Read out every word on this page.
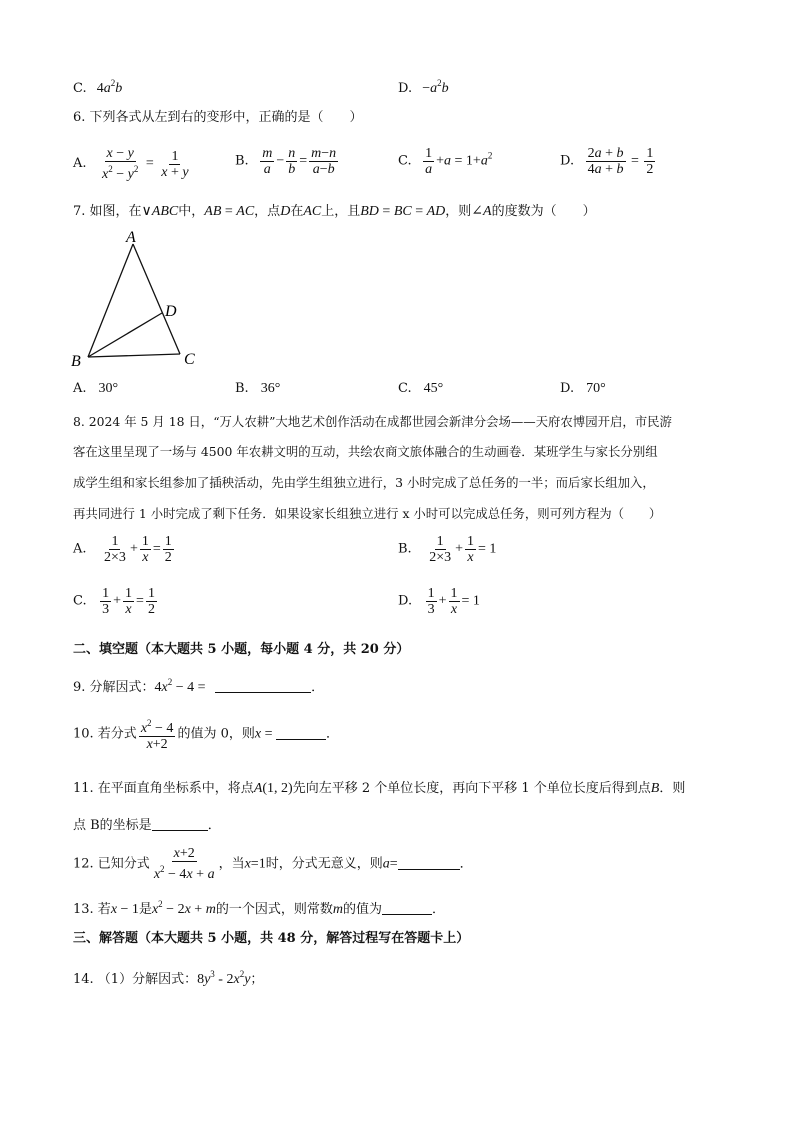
C. $4a^2b$	D. $-a^2b$
6. 下列各式从左到右的变形中，正确的是（　　）
A. $\frac{x - y}{x^2 - y^2} = \frac{1}{x + y}$	B. $\frac{m}{a} - \frac{n}{b} = \frac{m-n}{a-b}$	C. $\frac{1}{a} +a = 1+a^2$	D. $\frac{2a + b}{4a + b} = \frac{1}{2}$
7. 如图，在∨ABC中，AB = AC，点D在AC上，且BD = BC = AD，则∠A的度数为（　　）
A
B	C
D
A. 30°	B. 36°	C. 45°	D. 70°
8. 2024 年 5 月 18 日，“万人农耕”大地艺术创作活动在成都世园会新津分会场——天府农博园开启，市民游
客在这里呈现了一场与 4500 年农耕文明的互动，共绘农商文旅体融合的生动画卷．某班学生与家长分别组
成学生组和家长组参加了插秧活动，先由学生组独立进行，3 小时完成了总任务的一半；而后家长组加入，
再共同进行 1 小时完成了剩下任务．如果设家长组独立进行 x 小时可以完成总任务，则可列方程为（　　）
A. $\frac{1}{2\times 3} + \frac{1}{x} = \frac{1}{2}$	B. $\frac{1}{2\times 3} + \frac{1}{x} = 1$
C. $\frac{1}{3} + \frac{1}{x} = \frac{1}{2}$	D. $\frac{1}{3} + \frac{1}{x} = 1$
二、填空题（本大题共 5 小题，每小题 4 分，共 20 分）
9. 分解因式：$4x^2 - 4$ =	．
10. 若分式 $\frac{x^2 - 4}{x+2}$ 的值为 0，则x =	．
11. 在平面直角坐标系中，将点A(1, 2)先向左平移 2 个单位长度，再向下平移 1 个单位长度后得到点B．则
点 B的坐标是	．
12. 已知分式 $\frac{x+2}{x^2 - 4x + a}$ ，当x=1时，分式无意义，则a=	．
13. 若x − 1是$x^2 - 2x + m$的一个因式，则常数m的值为	．
三、解答题（本大题共 5 小题，共 48 分，解答过程写在答题卡上）
14. （1）分解因式：$8y^3 - 2x^2y$；
